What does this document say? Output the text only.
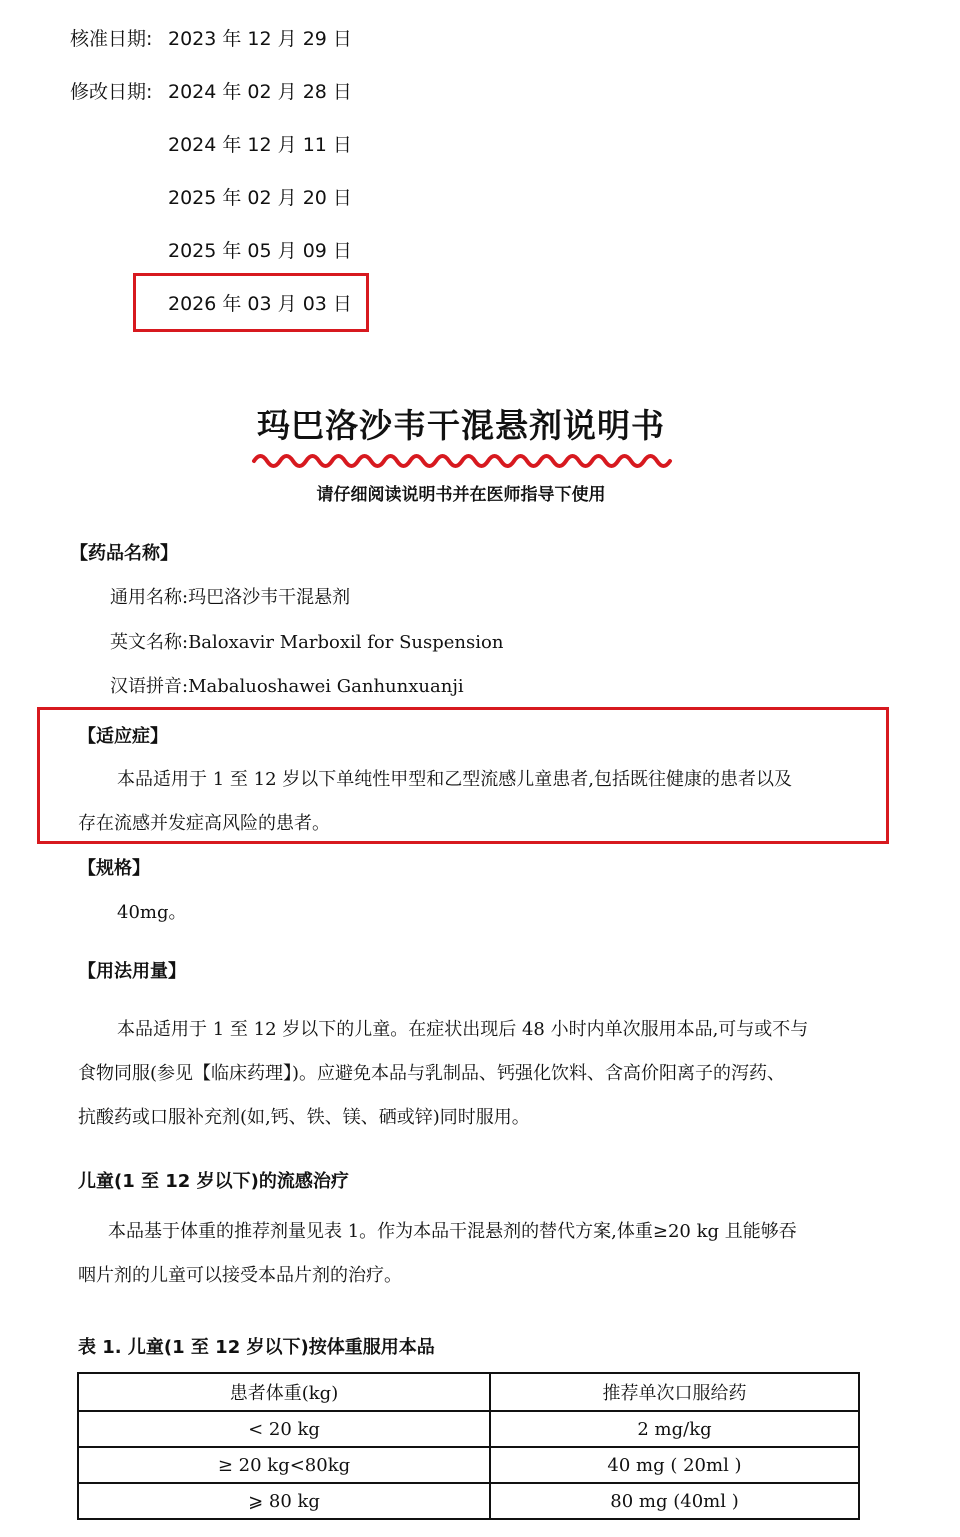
核准日期: 2023 年 12 月 29 日
修改日期: 2024 年 02 月 28 日
2024 年 12 月 11 日
2025 年 02 月 20 日
2025 年 05 月 09 日
2026 年 03 月 03 日
玛巴洛沙韦干混悬剂说明书
请仔细阅读说明书并在医师指导下使用
【药品名称】
通用名称:玛巴洛沙韦干混悬剂
英文名称:Baloxavir Marboxil for Suspension
汉语拼音:Mabaluoshawei Ganhunxuanji
【适应症】
本品适用于 1 至 12 岁以下单纯性甲型和乙型流感儿童患者,包括既往健康的患者以及
存在流感并发症高风险的患者。
【规格】
40mg。
【用法用量】
本品适用于 1 至 12 岁以下的儿童。在症状出现后 48 小时内单次服用本品,可与或不与
食物同服(参见【临床药理】)。应避免本品与乳制品、钙强化饮料、含高价阳离子的泻药、
抗酸药或口服补充剂(如,钙、铁、镁、硒或锌)同时服用。
儿童(1 至 12 岁以下)的流感治疗
本品基于体重的推荐剂量见表 1。作为本品干混悬剂的替代方案,体重≥20 kg 且能够吞
咽片剂的儿童可以接受本品片剂的治疗。
表 1. 儿童(1 至 12 岁以下)按体重服用本品
患者体重(kg)	推荐单次口服给药
< 20 kg	2 mg/kg
≥ 20 kg<80kg	40 mg ( 20ml )
⩾ 80 kg	80 mg (40ml )
